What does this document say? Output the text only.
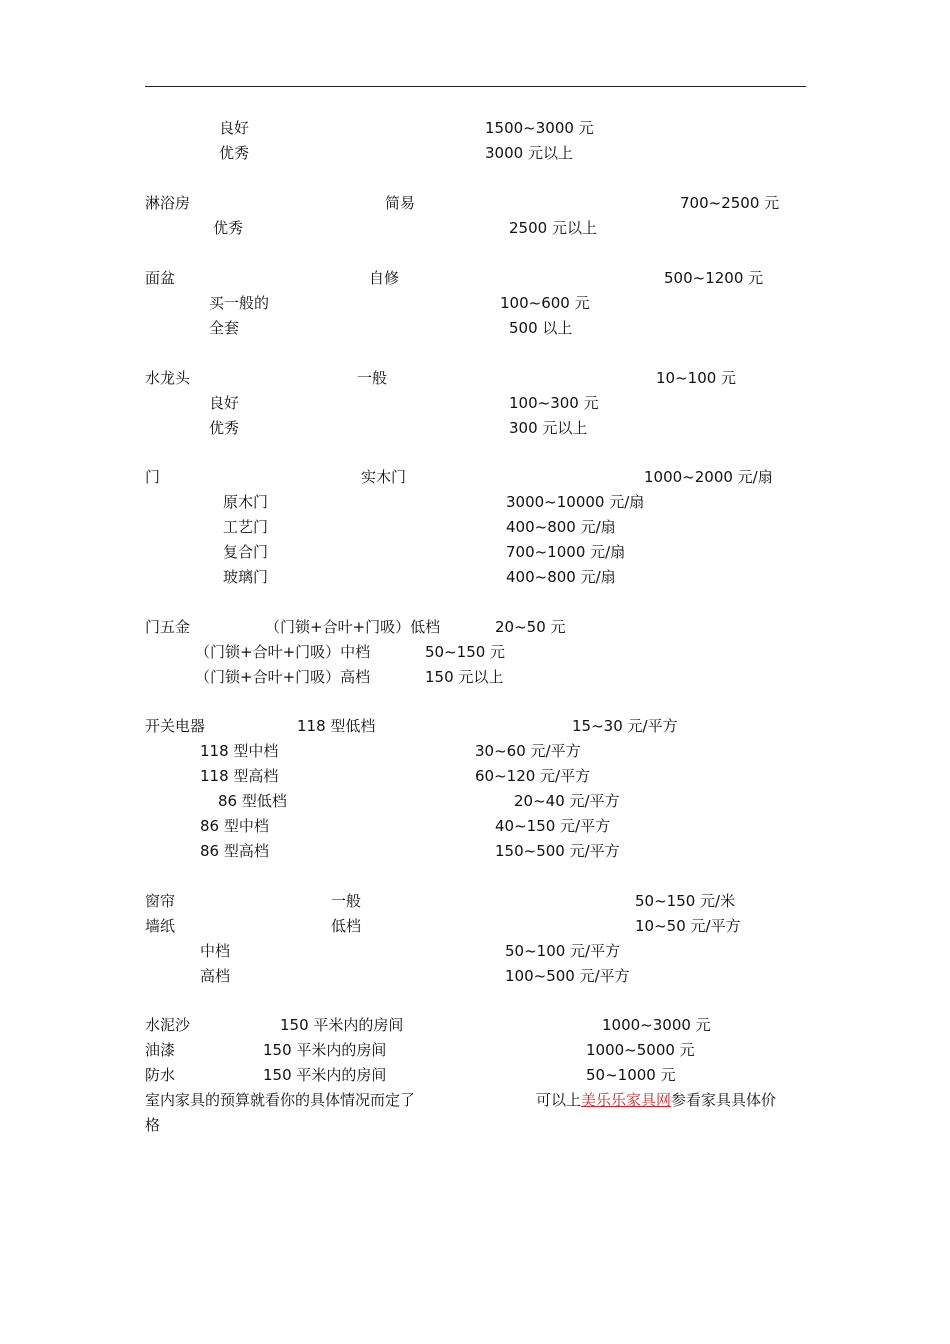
良好	1500~3000 元
优秀	3000 元以上
淋浴房	简易	700~2500 元
优秀	2500 元以上
面盆	自修	500~1200 元
买一般的	100~600 元
全套	500 以上
水龙头	一般	10~100 元
良好	100~300 元
优秀	300 元以上
门	实木门	1000~2000 元/扇
原木门	3000~10000 元/扇
工艺门	400~800 元/扇
复合门	700~1000 元/扇
玻璃门	400~800 元/扇
门五金	（门锁+合叶+门吸）低档	20~50 元
（门锁+合叶+门吸）中档	50~150 元
（门锁+合叶+门吸）高档	150 元以上
开关电器	118 型低档	15~30 元/平方
118 型中档	30~60 元/平方
118 型高档	60~120 元/平方
86 型低档	20~40 元/平方
86 型中档	40~150 元/平方
86 型高档	150~500 元/平方
窗帘	一般	50~150 元/米
墙纸	低档	10~50 元/平方
中档	50~100 元/平方
高档	100~500 元/平方
水泥沙	150 平米内的房间	1000~3000 元
油漆	150 平米内的房间	1000~5000 元
防水	150 平米内的房间	50~1000 元
室内家具的预算就看你的具体情况而定了	可以上美乐乐家具网参看家具具体价
格
